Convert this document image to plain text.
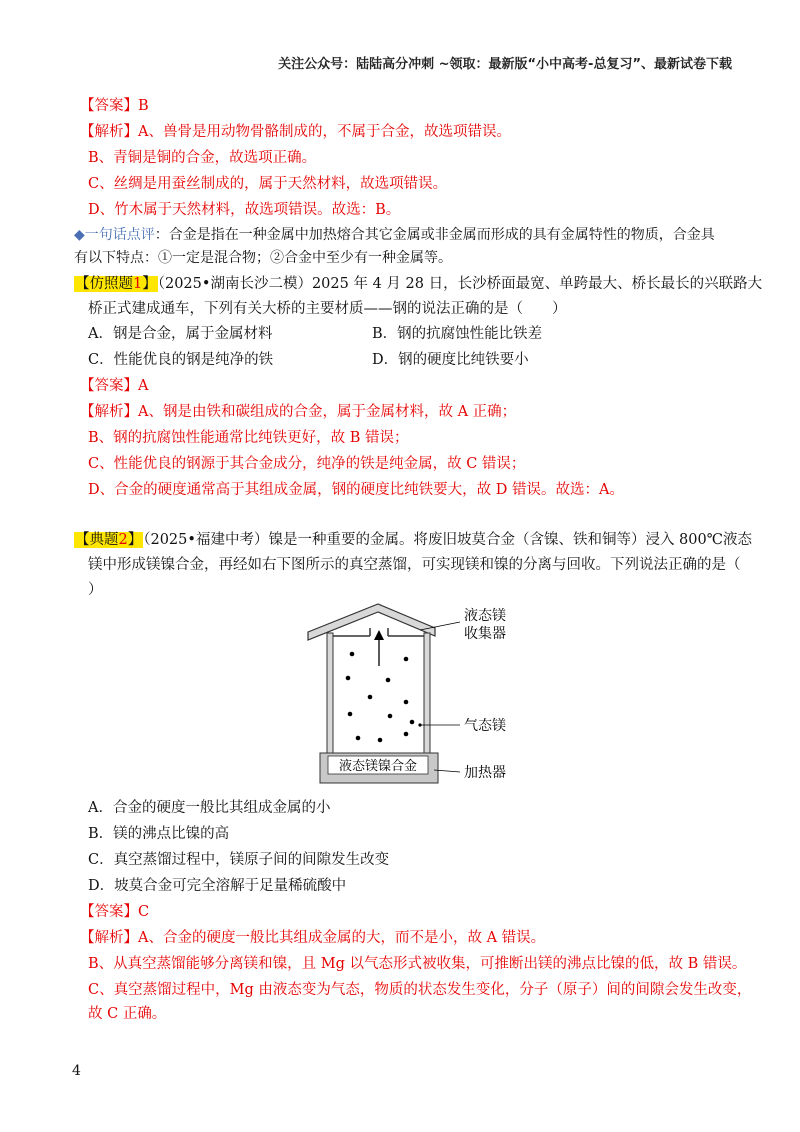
关注公众号：陆陆高分冲刺 ~领取：最新版“小中高考-总复习”、最新试卷下载
【答案】B
【解析】A、兽骨是用动物骨骼制成的，不属于合金，故选项错误。
B、青铜是铜的合金，故选项正确。
C、丝绸是用蚕丝制成的，属于天然材料，故选项错误。
D、竹木属于天然材料，故选项错误。故选：B。
◆一句话点评：合金是指在一种金属中加热熔合其它金属或非金属而形成的具有金属特性的物质，合金具
有以下特点：①一定是混合物；②合金中至少有一种金属等。
【仿照题1】（2025•湖南长沙二模）2025 年 4 月 28 日，长沙桥面最宽、单跨最大、桥长最长的兴联路大
桥正式建成通车，下列有关大桥的主要材质——钢的说法正确的是（　　）
A．钢是合金，属于金属材料	B．钢的抗腐蚀性能比铁差
C．性能优良的钢是纯净的铁	D．钢的硬度比纯铁要小
【答案】A
【解析】A、钢是由铁和碳组成的合金，属于金属材料，故 A 正确；
B、钢的抗腐蚀性能通常比纯铁更好，故 B 错误；
C、性能优良的钢源于其合金成分，纯净的铁是纯金属，故 C 错误；
D、合金的硬度通常高于其组成金属，钢的硬度比纯铁要大，故 D 错误。故选：A。
【典题2】（2025•福建中考）镍是一种重要的金属。将废旧坡莫合金（含镍、铁和铜等）浸入 800℃液态
镁中形成镁镍合金，再经如右下图所示的真空蒸馏，可实现镁和镍的分离与回收。下列说法正确的是（
）
液态镁镍合金
液态镁
收集器
气态镁
加热器
A．合金的硬度一般比其组成金属的小
B．镁的沸点比镍的高
C．真空蒸馏过程中，镁原子间的间隙发生改变
D．坡莫合金可完全溶解于足量稀硫酸中
【答案】C
【解析】A、合金的硬度一般比其组成金属的大，而不是小，故 A 错误。
B、从真空蒸馏能够分离镁和镍，且 Mg 以气态形式被收集，可推断出镁的沸点比镍的低，故 B 错误。
C、真空蒸馏过程中，Mg 由液态变为气态，物质的状态发生变化，分子（原子）间的间隙会发生改变，
故 C 正确。
4
